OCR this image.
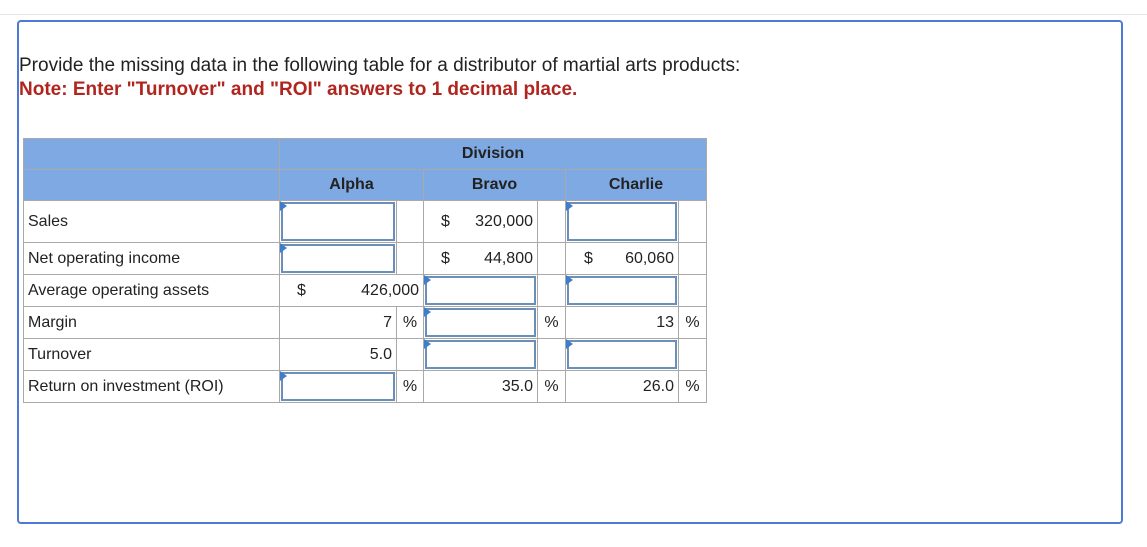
Provide the missing data in the following table for a distributor of martial arts products:
Note: Enter "Turnover" and "ROI" answers to 1 decimal place.
	Division					
	Alpha		Bravo		Charlie	
Sales			$ 320,000			

Net operating income			$ 44,800		$ 60,060	

Average operating assets	$ 426,000					

Margin	7	%		%	13	%
Turnover	5.0		

Return on investment (ROI)		%	35.0	%	26.0	%
